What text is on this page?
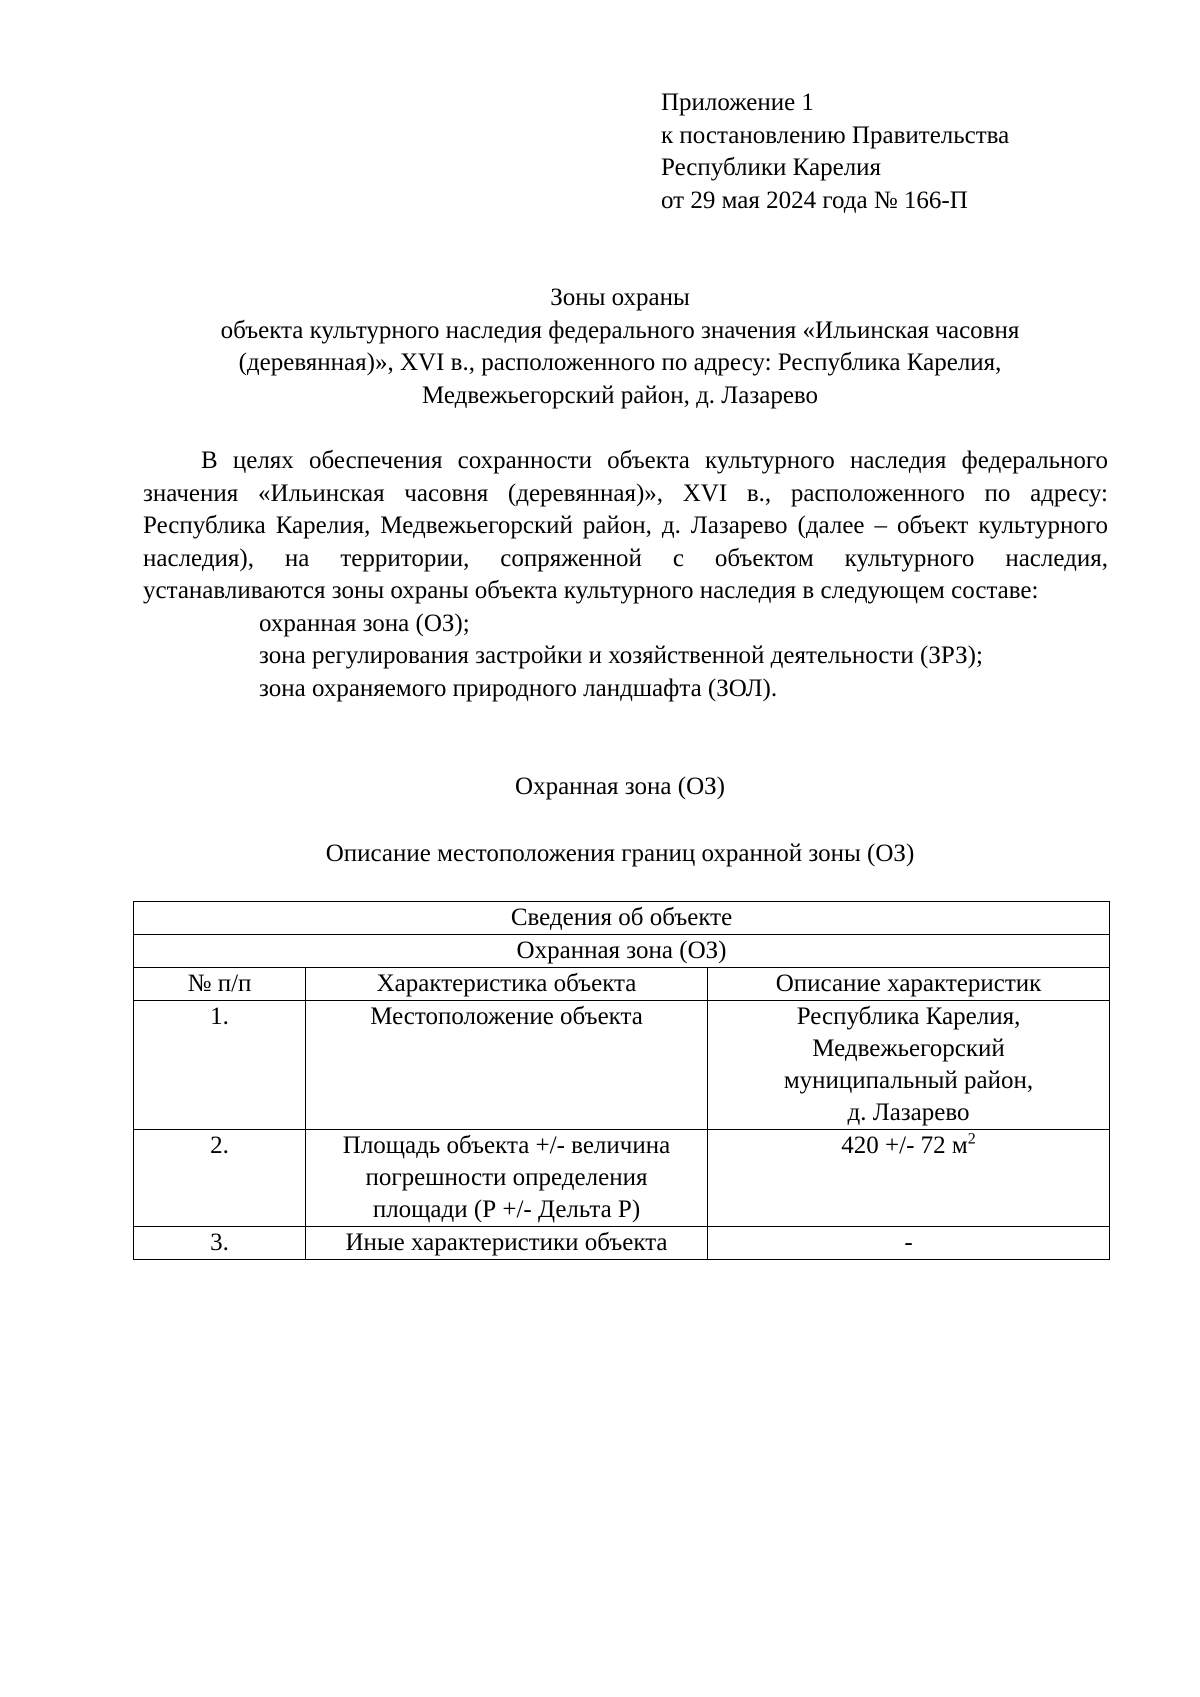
Приложение 1
к постановлению Правительства
Республики Карелия
от 29 мая 2024 года № 166-П
Зоны охраны
объекта культурного наследия федерального значения «Ильинская часовня
(деревянная)», XVI в., расположенного по адресу: Республика Карелия,
Медвежьегорский район, д. Лазарево

В целях обеспечения сохранности объекта культурного наследия федерального значения «Ильинская часовня (деревянная)», XVI в., расположенного по адресу: Республика Карелия, Медвежьегорский район, д. Лазарево (далее – объект культурного наследия), на территории, сопряженной с объектом культурного наследия, устанавливаются зоны охраны объекта культурного наследия в следующем составе:

охранная зона (ОЗ);

зона регулирования застройки и хозяйственной деятельности (ЗРЗ);

зона охраняемого природного ландшафта (ЗОЛ).

Охранная зона (ОЗ)
Описание местоположения границ охранной зоны (ОЗ)
Сведения об объекте		
Охранная зона (ОЗ)		
№ п/п	Характеристика объекта	Описание характеристик
1.	Местоположение объекта	Республика Карелия,
Медвежьегорский
муниципальный район,
д. Лазарево

2.	Площадь объекта +/- величина
погрешности определения
площади (Р +/- Дельта Р)	420 +/- 72 $м^2$
3.	Иные характеристики объекта	-
